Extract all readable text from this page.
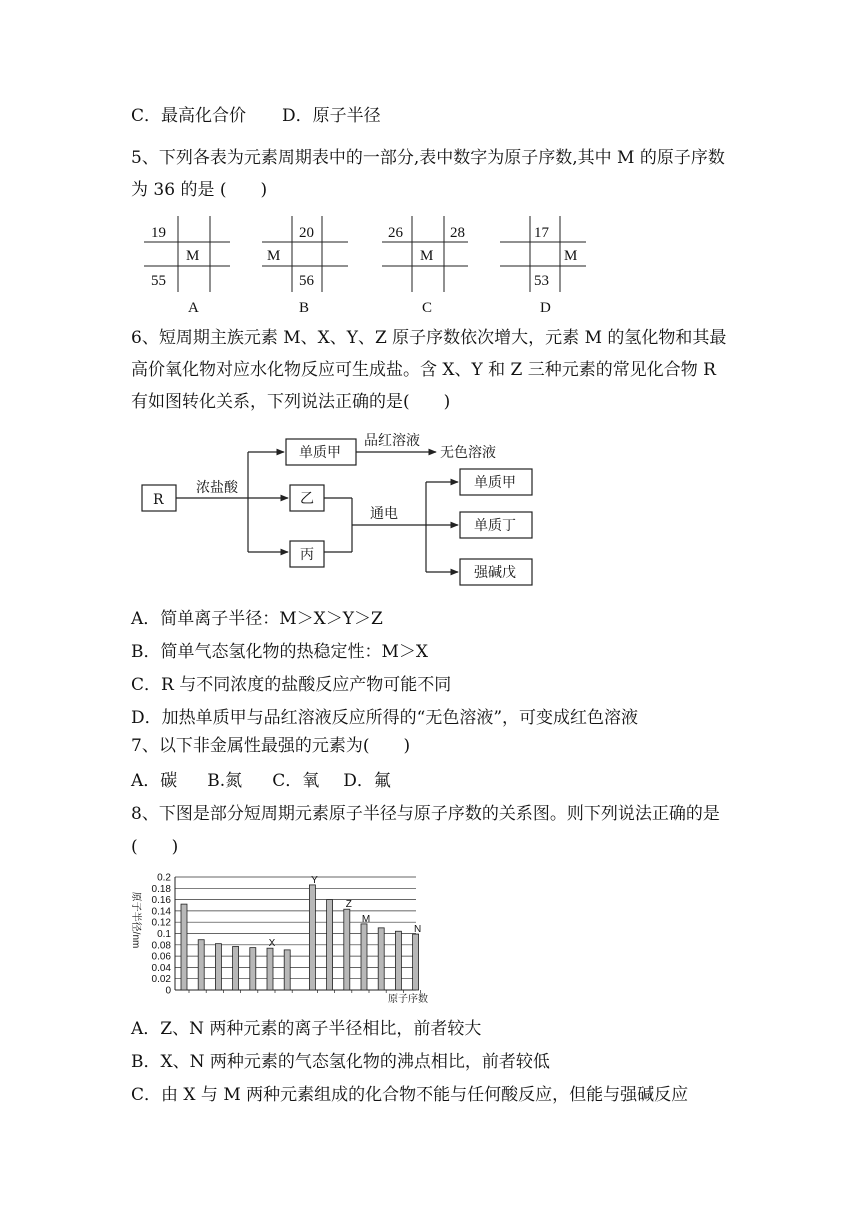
C．最高化合价 D．原子半径
5、下列各表为元素周期表中的一部分,表中数字为原子序数,其中 M 的原子序数
为 36 的是 (　　)
19
M
55
A
20
M
56
B
26	28
M
C
17
M
53
D
6、短周期主族元素 M、X、Y、Z 原子序数依次增大，元素 M 的氢化物和其最
高价氧化物对应水化物反应可生成盐。含 X、Y 和 Z 三种元素的常见化合物 R
有如图转化关系，下列说法正确的是(　　)
R
浓盐酸
单质甲
品红溶液
无色溶液
乙
丙
通电
单质甲
单质丁
强碱戊
A．简单离子半径：M＞X＞Y＞Z
B．简单气态氢化物的热稳定性：M＞X
C．R 与不同浓度的盐酸反应产物可能不同
D．加热单质甲与品红溶液反应所得的“无色溶液”，可变成红色溶液
7、以下非金属性最强的元素为(　　)
A．碳 B.氮 C．氧 D．氟
8、下图是部分短周期元素原子半径与原子序数的关系图。则下列说法正确的是
(　　)
原子半径/nm
0
0.02
0.04
0.06
0.08
0.1
0.12
0.14
0.16
0.18
0.2
X
Y
Z
M
N
原子序数
A．Z、N 两种元素的离子半径相比，前者较大
B．X、N 两种元素的气态氢化物的沸点相比，前者较低
C．由 X 与 M 两种元素组成的化合物不能与任何酸反应，但能与强碱反应
